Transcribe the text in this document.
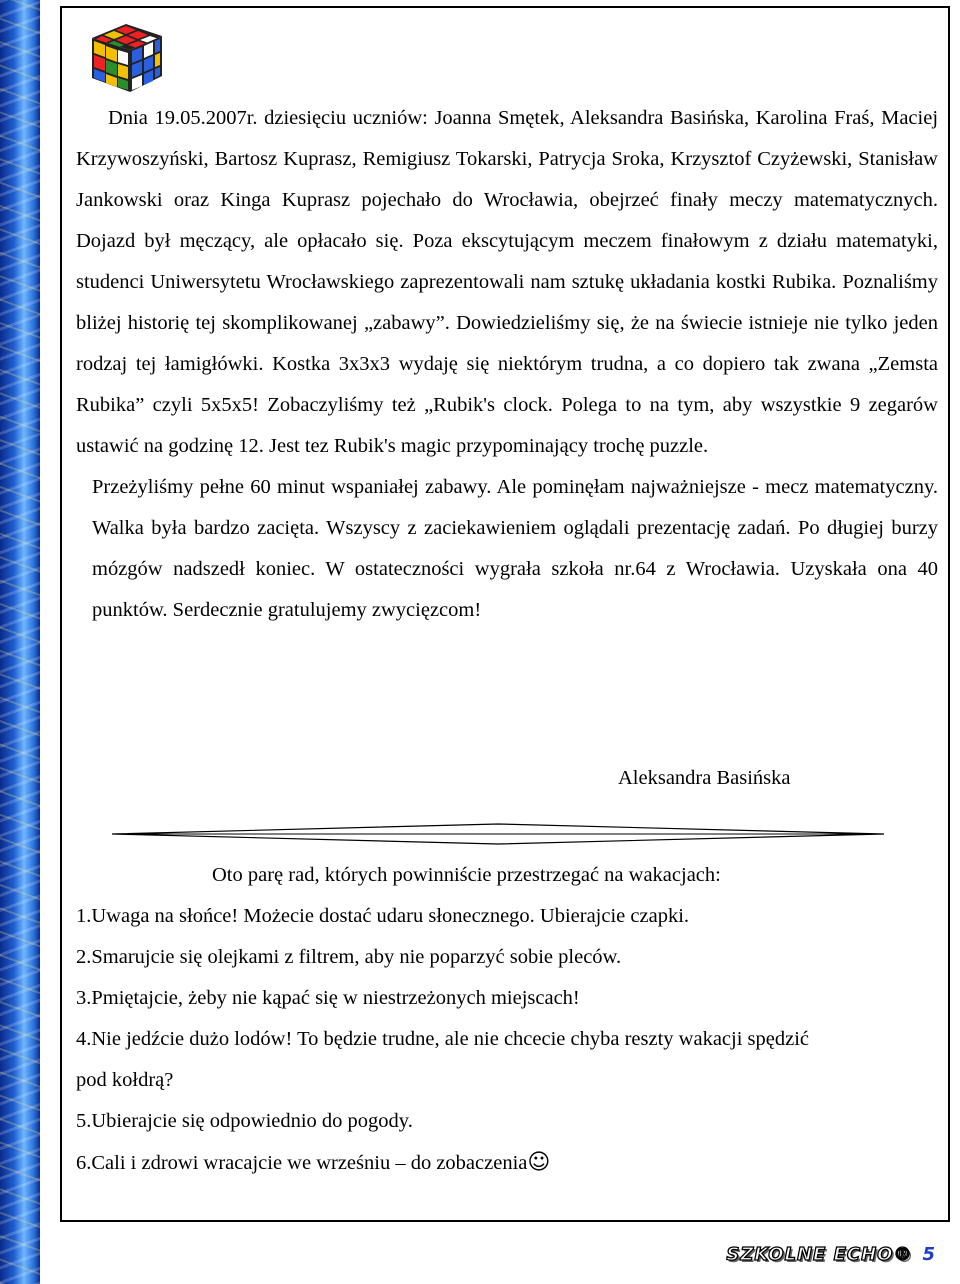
Dnia 19.05.2007r. dziesięciu uczniów: Joanna Smętek, Aleksandra Basińska, Karolina Fraś, Maciej Krzywoszyński, Bartosz Kuprasz, Remigiusz Tokarski, Patrycja Sroka, Krzysztof Czyżewski, Stanisław Jankowski oraz Kinga Kuprasz pojechało do Wrocławia, obejrzeć finały meczy matematycznych. Dojazd był męczący, ale opłacało się. Poza ekscytującym meczem finałowym z działu matematyki, studenci Uniwersytetu Wrocławskiego zaprezentowali nam sztukę układania kostki Rubika. Poznaliśmy bliżej historię tej skomplikowanej „zabawy”. Dowiedzieliśmy się, że na świecie istnieje nie tylko jeden rodzaj tej łamigłówki. Kostka 3x3x3 wydaję się niektórym trudna, a co dopiero tak zwana „Zemsta Rubika” czyli 5x5x5! Zobaczyliśmy też „Rubik's clock. Polega to na tym, aby wszystkie 9 zegarów ustawić na godzinę 12. Jest tez Rubik's magic przypominający trochę puzzle.

Przeżyliśmy pełne 60 minut wspaniałej zabawy. Ale pominęłam najważniejsze - mecz matematyczny. Walka była bardzo zacięta. Wszyscy z zaciekawieniem oglądali prezentację zadań. Po długiej burzy mózgów nadszedł koniec. W ostateczności wygrała szkoła nr.64 z Wrocławia. Uzyskała ona 40 punktów. Serdecznie gratulujemy zwycięzcom!

Aleksandra Basińska
Oto parę rad, których powinniście przestrzegać na wakacjach:
1.Uwaga na słońce! Możecie dostać udaru słonecznego. Ubierajcie czapki.
2.Smarujcie się olejkami z filtrem, aby nie poparzyć sobie pleców.
3.Pmiętajcie, żeby nie kąpać się w niestrzeżonych miejscach!
4.Nie jedźcie dużo lodów! To będzie trudne, ale nie chcecie chyba reszty wakacji spędzić
pod kołdrą?
5.Ubierajcie się odpowiednio do pogody.
6.Cali i zdrowi wracajcie we wrześniu – do zobaczenia☺
SZKOLNE ECHO® 5
